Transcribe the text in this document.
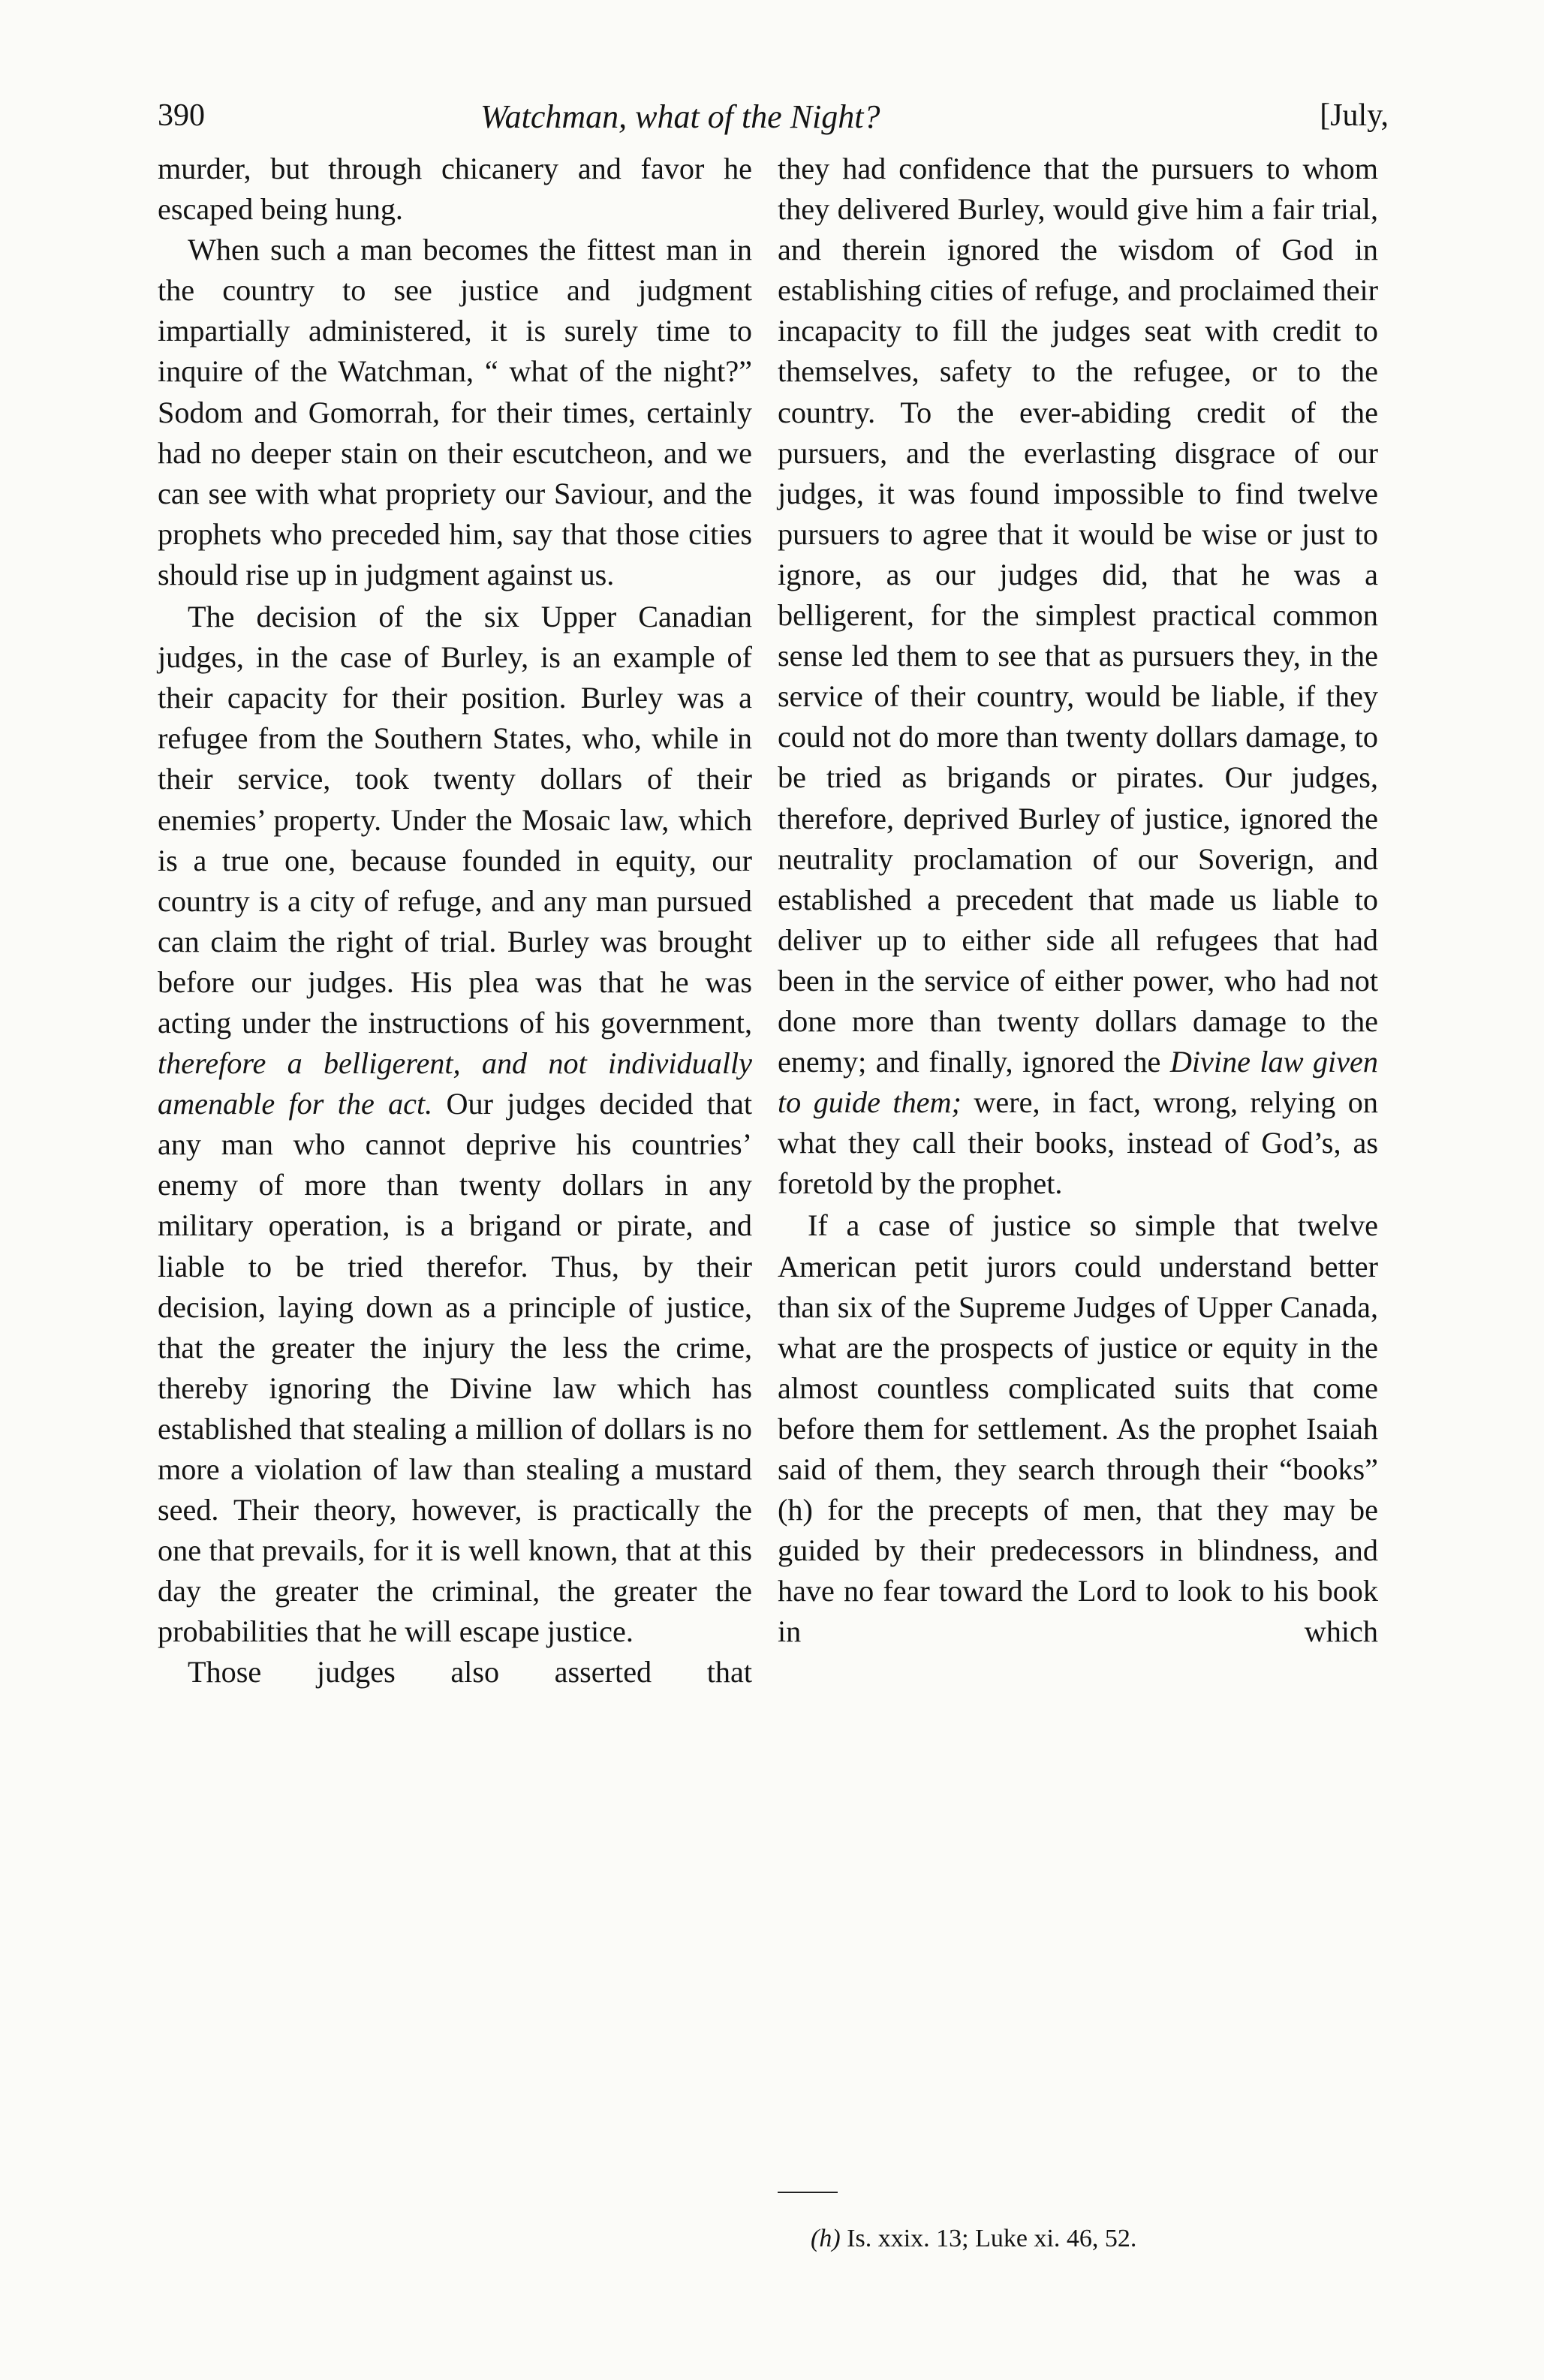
390	Watchman, what of the Night?	[July,

murder, but through chicanery and favor he escaped being hung.

When such a man becomes the fittest man in the country to see justice and judgment impartially administered, it is surely time to inquire of the Watchman, “ what of the night?” Sodom and Gomorrah, for their times, certainly had no deeper stain on their escutcheon, and we can see with what propriety our Saviour, and the prophets who preceded him, say that those cities should rise up in judgment against us.

The decision of the six Upper Canadian judges, in the case of Burley, is an example of their capacity for their position. Burley was a refugee from the Southern States, who, while in their service, took twenty dollars of their enemies’ property. Under the Mosaic law, which is a true one, because founded in equity, our country is a city of refuge, and any man pursued can claim the right of trial. Burley was brought before our judges. His plea was that he was acting under the instructions of his government, therefore a belligerent, and not individually amenable for the act. Our judges decided that any man who cannot deprive his countries’ enemy of more than twenty dollars in any military operation, is a brigand or pirate, and liable to be tried therefor. Thus, by their decision, laying down as a principle of justice, that the greater the injury the less the crime, thereby ignoring the Divine law which has established that stealing a million of dollars is no more a violation of law than stealing a mustard seed. Their theory, however, is practically the one that prevails, for it is well known, that at this day the greater the criminal, the greater the probabilities that he will escape justice.

Those judges also asserted that

they had confidence that the pursuers to whom they delivered Burley, would give him a fair trial, and therein ignored the wisdom of God in establishing cities of refuge, and proclaimed their incapacity to fill the judges seat with credit to themselves, safety to the refugee, or to the country. To the ever-abiding credit of the pursuers, and the everlasting disgrace of our judges, it was found impossible to find twelve pursuers to agree that it would be wise or just to ignore, as our judges did, that he was a belligerent, for the simplest practical common sense led them to see that as pursuers they, in the service of their country, would be liable, if they could not do more than twenty dollars damage, to be tried as brigands or pirates. Our judges, therefore, deprived Burley of justice, ignored the neutrality proclamation of our Soverign, and established a precedent that made us liable to deliver up to either side all refugees that had been in the service of either power, who had not done more than twenty dollars damage to the enemy; and finally, ignored the Divine law given to guide them; were, in fact, wrong, relying on what they call their books, instead of God’s, as foretold by the prophet.

If a case of justice so simple that twelve American petit jurors could understand better than six of the Supreme Judges of Upper Canada, what are the prospects of justice or equity in the almost countless complicated suits that come before them for settlement. As the prophet Isaiah said of them, they search through their “books” (h) for the precepts of men, that they may be guided by their predecessors in blindness, and have no fear toward the Lord to look to his book in which

(h) Is. xxix. 13; Luke xi. 46, 52.
